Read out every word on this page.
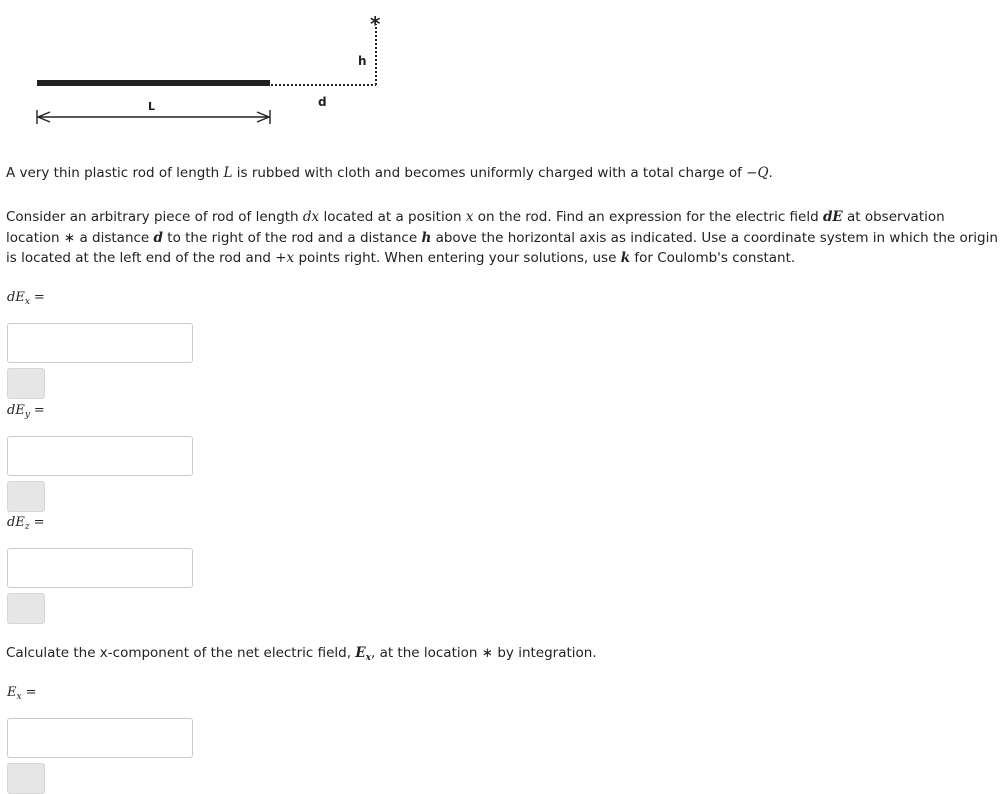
*
L	d
h

A very thin plastic rod of length L is rubbed with cloth and becomes uniformly charged with a total charge of −Q.

Consider an arbitrary piece of rod of length dx located at a position x on the rod. Find an expression for the electric field dE at observation

location ∗ a distance d to the right of the rod and a distance h above the horizontal axis as indicated. Use a coordinate system in which the origin

is located at the left end of the rod and +x points right. When entering your solutions, use k for Coulomb's constant.

$dE_x$ =
$dE_y$ =
$dE_z$ =

Calculate the x-component of the net electric field, $E_x$, at the location ∗ by integration.

$E_x$ =
